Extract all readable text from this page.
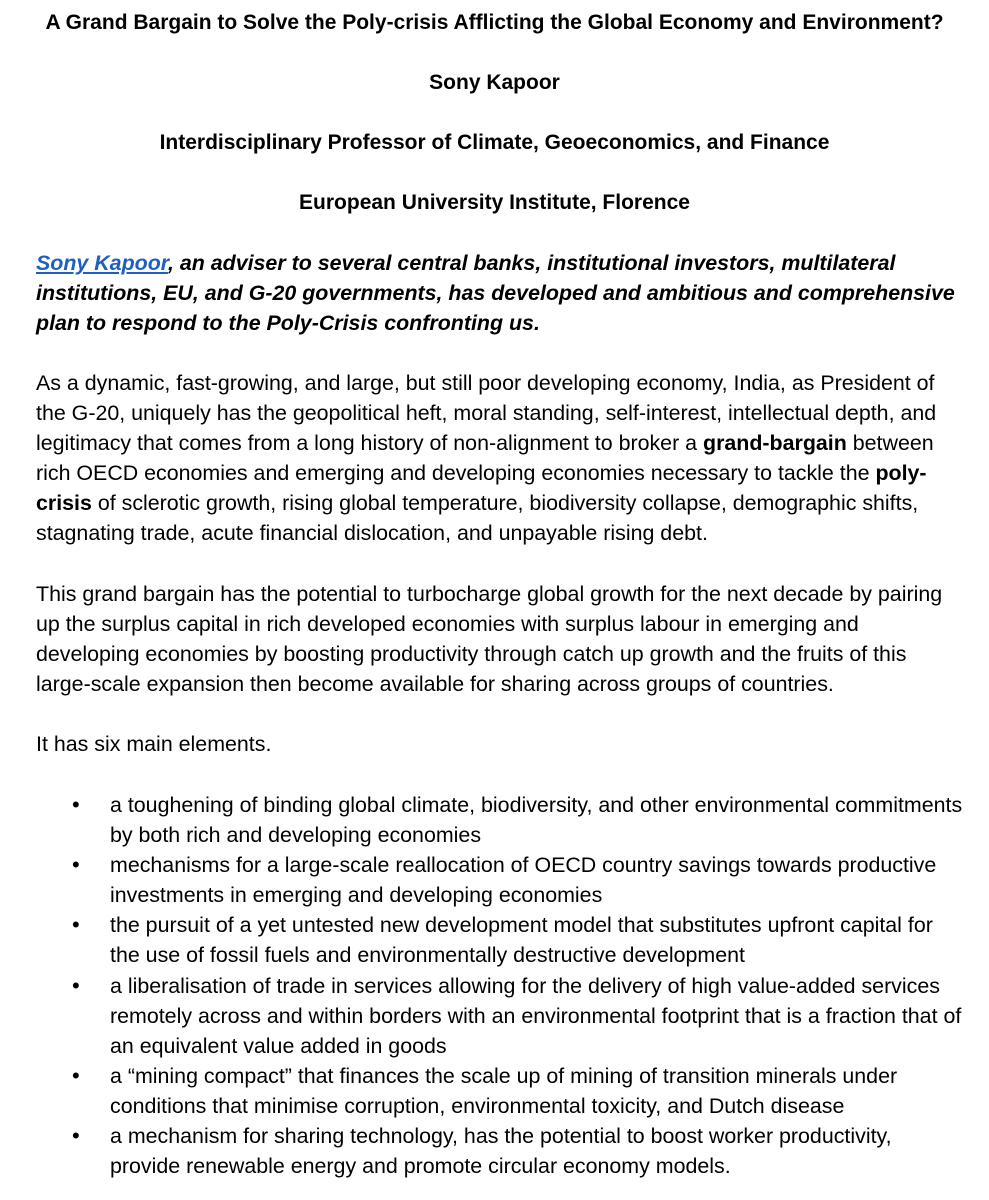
A Grand Bargain to Solve the Poly-crisis Afflicting the Global Economy and Environment?

Sony Kapoor

Interdisciplinary Professor of Climate, Geoeconomics, and Finance

European University Institute, Florence

Sony Kapoor, an adviser to several central banks, institutional investors, multilateral institutions, EU, and G-20 governments, has developed and ambitious and comprehensive plan to respond to the Poly-Crisis confronting us.

As a dynamic, fast-growing, and large, but still poor developing economy, India, as President of the G-20, uniquely has the geopolitical heft, moral standing, self-interest, intellectual depth, and legitimacy that comes from a long history of non-alignment to broker a grand-bargain between rich OECD economies and emerging and developing economies necessary to tackle the poly-crisis of sclerotic growth, rising global temperature, biodiversity collapse, demographic shifts, stagnating trade, acute financial dislocation, and unpayable rising debt.

This grand bargain has the potential to turbocharge global growth for the next decade by pairing up the surplus capital in rich developed economies with surplus labour in emerging and developing economies by boosting productivity through catch up growth and the fruits of this large-scale expansion then become available for sharing across groups of countries.

It has six main elements.

• a toughening of binding global climate, biodiversity, and other environmental commitments by both rich and developing economies
• mechanisms for a large-scale reallocation of OECD country savings towards productive investments in emerging and developing economies
• the pursuit of a yet untested new development model that substitutes upfront capital for the use of fossil fuels and environmentally destructive development
• a liberalisation of trade in services allowing for the delivery of high value-added services remotely across and within borders with an environmental footprint that is a fraction that of an equivalent value added in goods
• a “mining compact” that finances the scale up of mining of transition minerals under conditions that minimise corruption, environmental toxicity, and Dutch disease
• a mechanism for sharing technology, has the potential to boost worker productivity, provide renewable energy and promote circular economy models.
